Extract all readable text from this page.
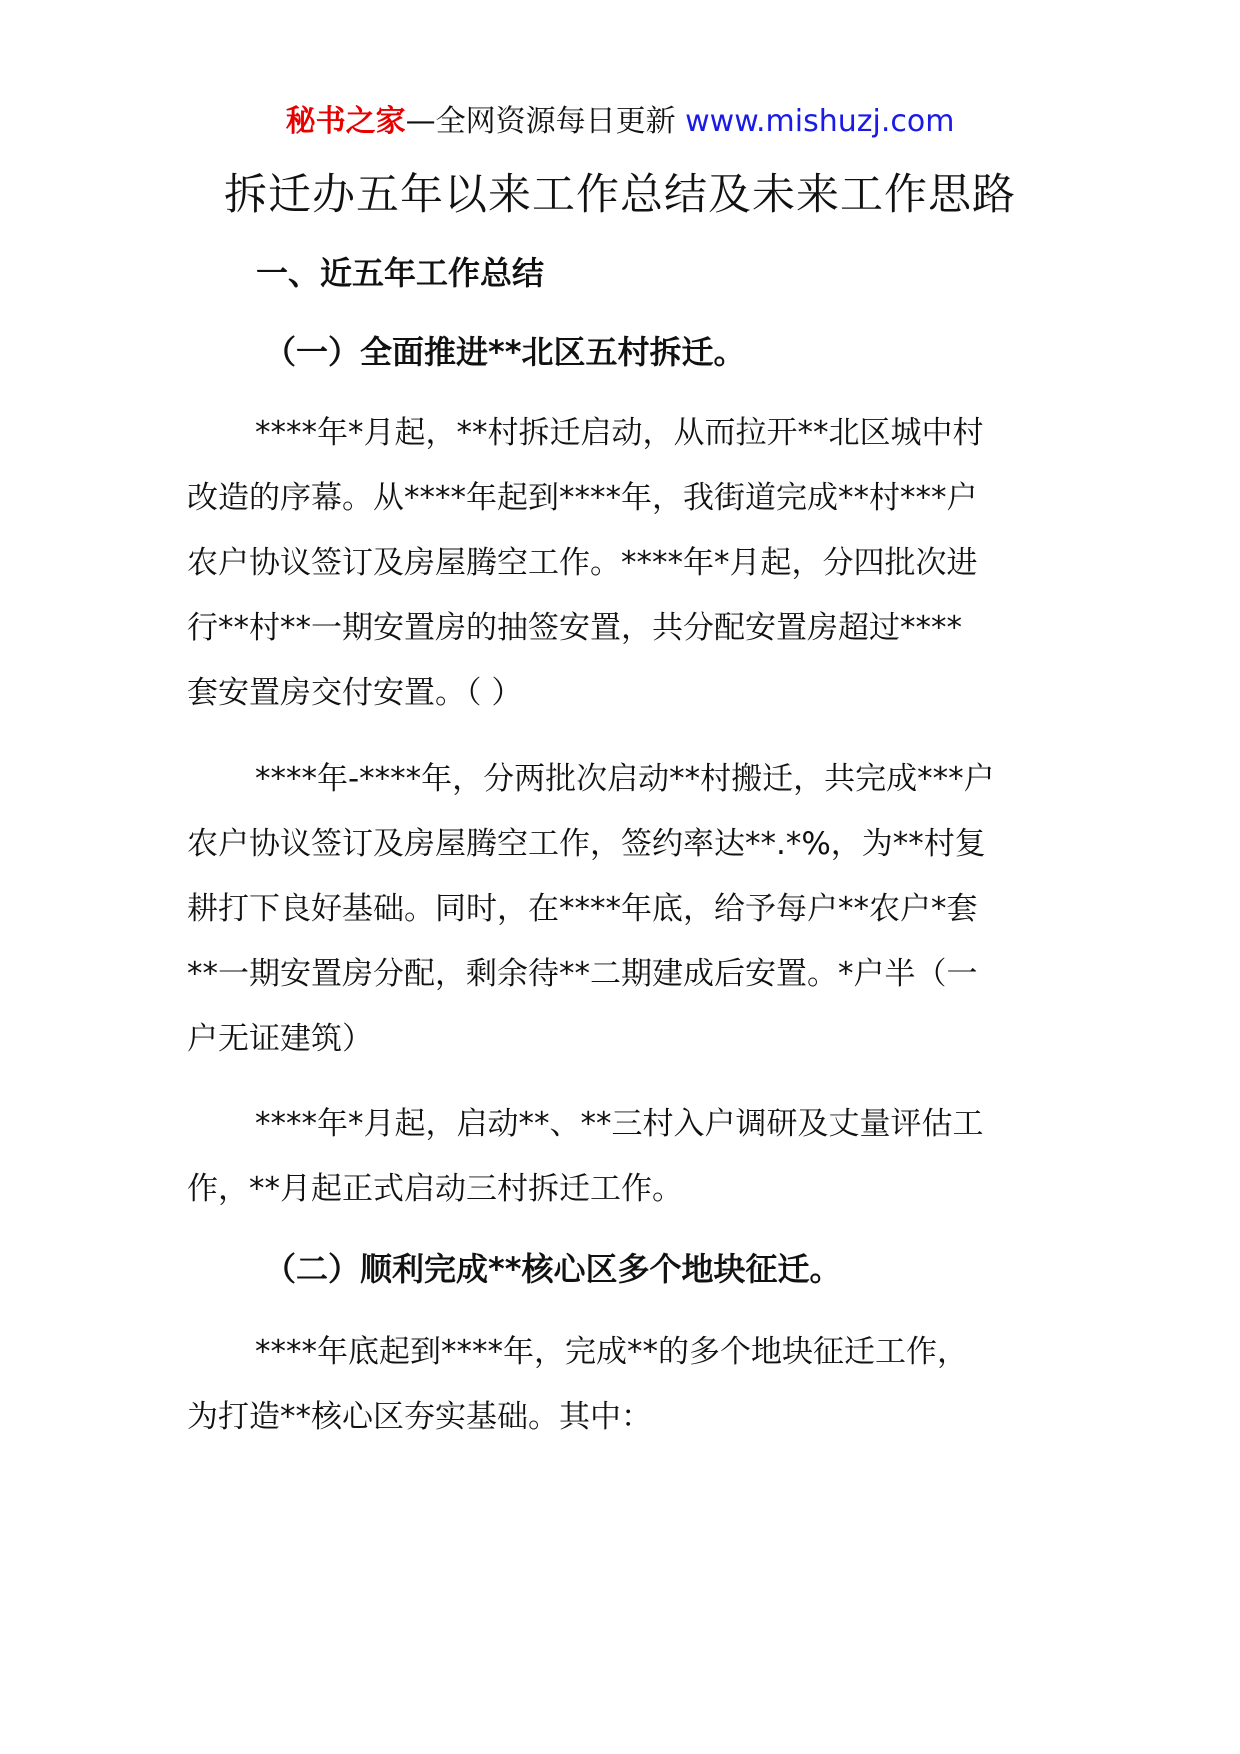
秘书之家—全网资源每日更新 www.mishuzj.com
拆迁办五年以来工作总结及未来工作思路
一、近五年工作总结
（一）全面推进**北区五村拆迁。
****年*月起，**村拆迁启动，从而拉开**北区城中村
改造的序幕。从****年起到****年，我街道完成**村***户
农户协议签订及房屋腾空工作。****年*月起，分四批次进
行**村**一期安置房的抽签安置，共分配安置房超过****
套安置房交付安置。（ ）
****年-****年，分两批次启动**村搬迁，共完成***户
农户协议签订及房屋腾空工作，签约率达**.*%，为**村复
耕打下良好基础。同时，在****年底，给予每户**农户*套
**一期安置房分配，剩余待**二期建成后安置。*户半（一
户无证建筑）
****年*月起，启动**、**三村入户调研及丈量评估工
作，**月起正式启动三村拆迁工作。
（二）顺利完成**核心区多个地块征迁。
****年底起到****年，完成**的多个地块征迁工作，
为打造**核心区夯实基础。其中：
